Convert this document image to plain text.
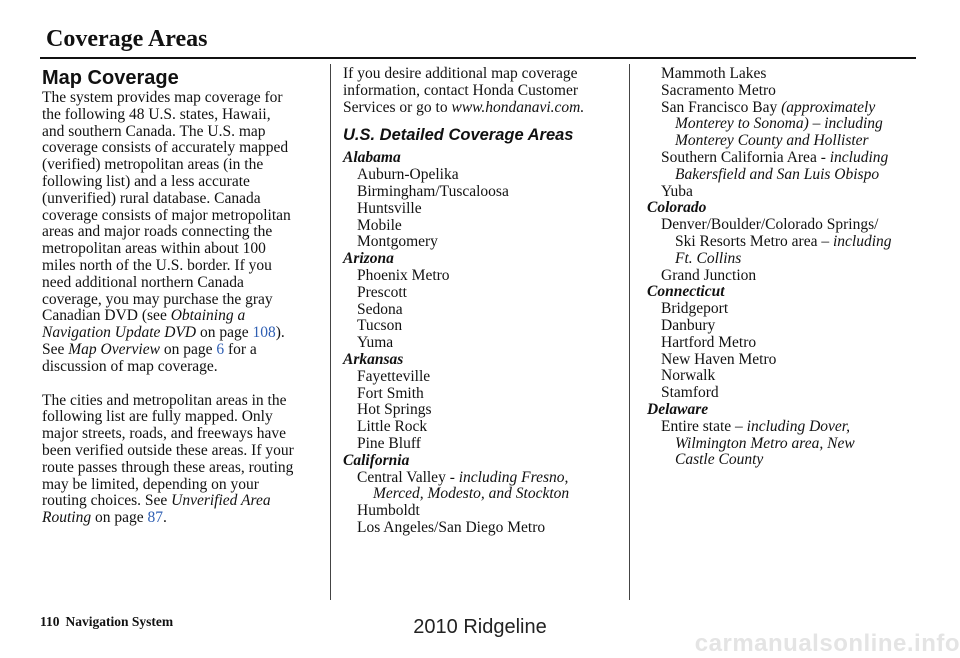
Coverage Areas
Map Coverage

The system provides map coverage for

the following 48 U.S. states, Hawaii,

and southern Canada. The U.S. map

coverage consists of accurately mapped

(verified) metropolitan areas (in the

following list) and a less accurate

(unverified) rural database. Canada

coverage consists of major metropolitan

areas and major roads connecting the

metropolitan areas within about 100

miles north of the U.S. border. If you

need additional northern Canada

coverage, you may purchase the gray

Canadian DVD (see Obtaining a

Navigation Update DVD on page 108).

See Map Overview on page 6 for a

discussion of map coverage.

The cities and metropolitan areas in the

following list are fully mapped. Only

major streets, roads, and freeways have

been verified outside these areas. If your

route passes through these areas, routing

may be limited, depending on your

routing choices. See Unverified Area

Routing on page 87.

If you desire additional map coverage

information, contact Honda Customer

Services or go to www.hondanavi.com.

U.S. Detailed Coverage Areas

Alabama

Auburn-Opelika

Birmingham/Tuscaloosa

Huntsville

Mobile

Montgomery

Arizona

Phoenix Metro

Prescott

Sedona

Tucson

Yuma

Arkansas

Fayetteville

Fort Smith

Hot Springs

Little Rock

Pine Bluff

California

Central Valley - including Fresno,

Merced, Modesto, and Stockton

Humboldt

Los Angeles/San Diego Metro

Mammoth Lakes

Sacramento Metro

San Francisco Bay (approximately

Monterey to Sonoma) – including

Monterey County and Hollister

Southern California Area - including

Bakersfield and San Luis Obispo

Yuba

Colorado

Denver/Boulder/Colorado Springs/

Ski Resorts Metro area – including

Ft. Collins

Grand Junction

Connecticut

Bridgeport

Danbury

Hartford Metro

New Haven Metro

Norwalk

Stamford

Delaware

Entire state – including Dover,

Wilmington Metro area, New

Castle County

110 Navigation System	2010 Ridgeline
carmanualsonline.info
